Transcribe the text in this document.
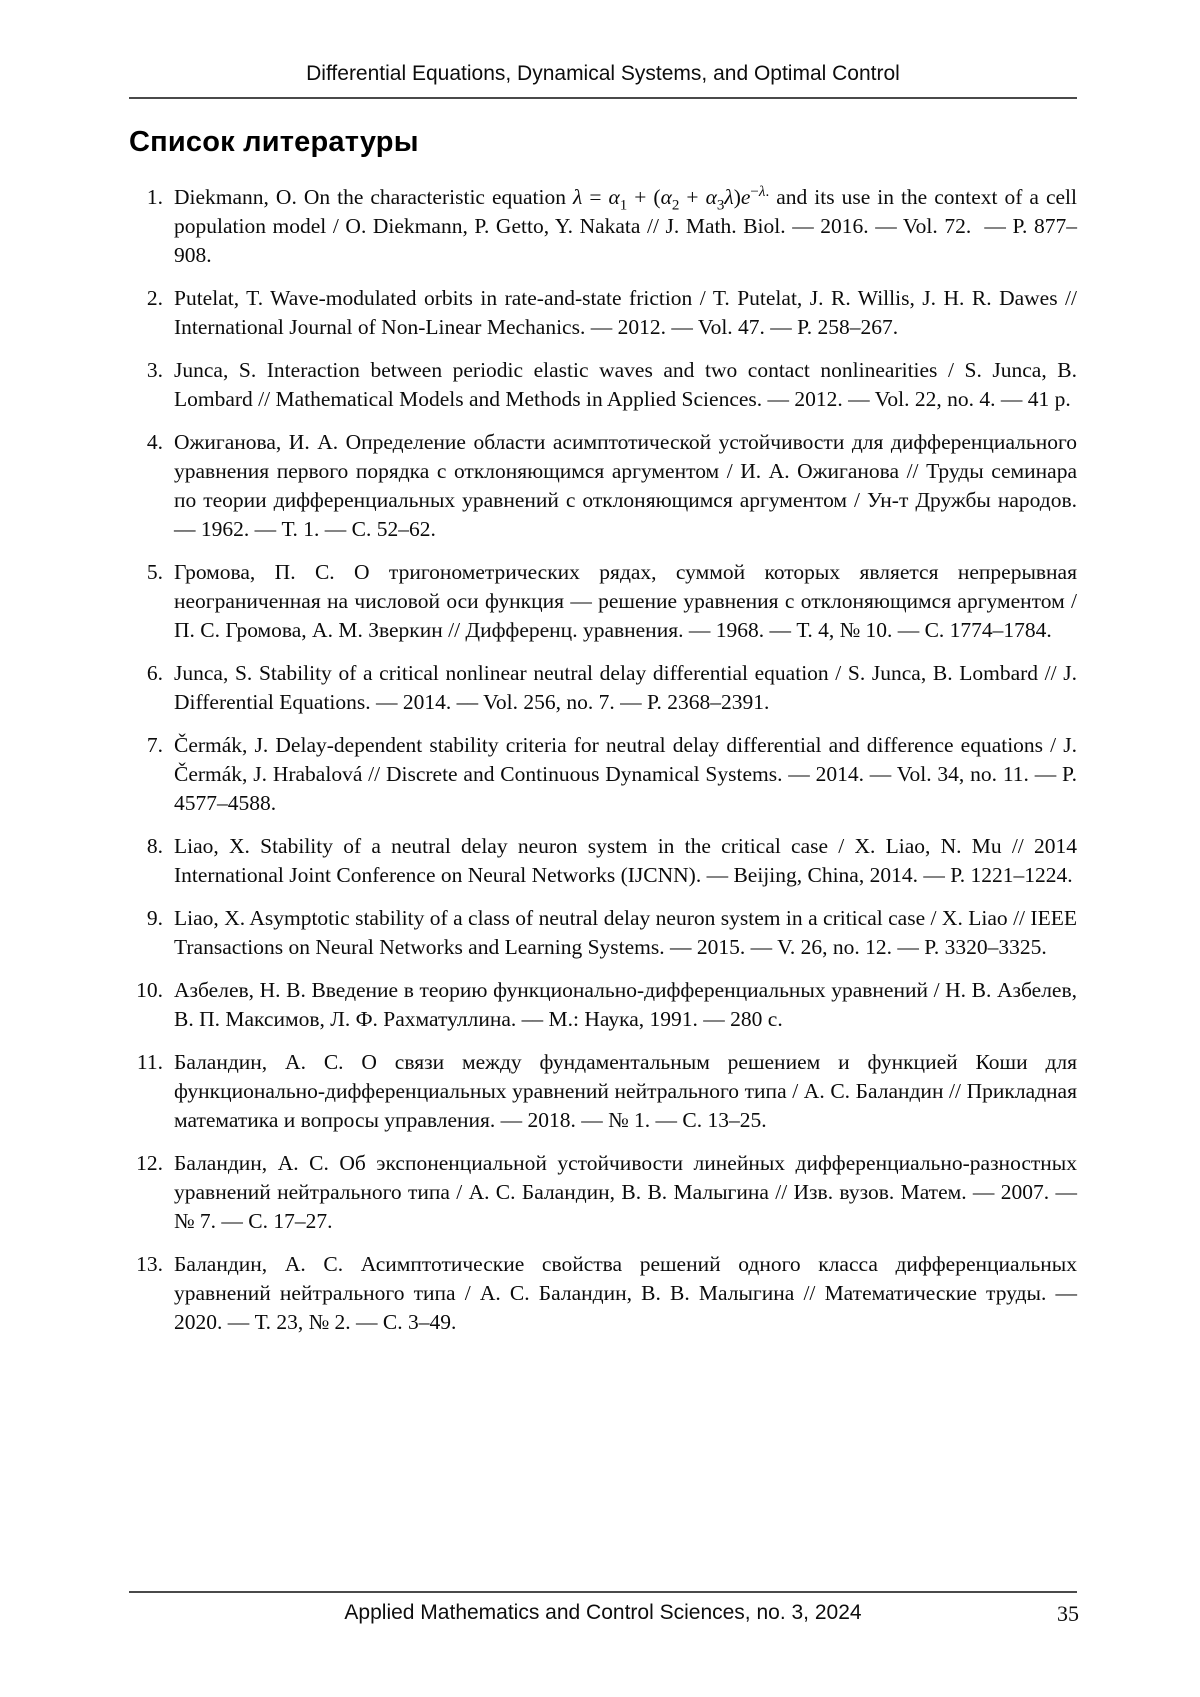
Differential Equations, Dynamical Systems, and Optimal Control
Список литературы
1. Diekmann, O. On the characteristic equation $\lambda = \alpha_1 + (\alpha_2 + \alpha_3\lambda)e^{-\lambda.}$ and its use in the context of a cell population model / O. Diekmann, P. Getto, Y. Nakata // J. Math. Biol. — 2016. — Vol. 72.  — P. 877–908.
2. Putelat, T. Wave-modulated orbits in rate-and-state friction / T. Putelat, J. R. Willis, J. H. R. Dawes // International Journal of Non-Linear Mechanics. — 2012. — Vol. 47. — P. 258–267.
3. Junca, S. Interaction between periodic elastic waves and two contact nonlinearities / S. Junca, B. Lombard // Mathematical Models and Methods in Applied Sciences. — 2012. — Vol. 22, no. 4. — 41 p.
4. Ожиганова, И. А. Определение области асимптотической устойчивости для дифференциального уравнения первого порядка с отклоняющимся аргументом / И. А. Ожиганова // Труды семинара по теории дифференциальных уравнений с отклоняющимся аргументом / Ун-т Дружбы народов. –– 1962. — Т. 1. — С. 52–62.
5. Громова, П. С. О тригонометрических рядах, суммой которых является непрерывная неограниченная на числовой оси функция — решение уравнения с отклоняющимся аргументом / П. С. Громова, А. М. Зверкин // Дифференц. уравнения. — 1968. –– Т. 4, № 10. — С. 1774–1784.
6. Junca, S. Stability of a critical nonlinear neutral delay differential equation / S. Junca, B. Lombard // J. Differential Equations. — 2014. –– Vol. 256, no. 7. — P. 2368–2391.
7. Čermák, J. Delay-dependent stability criteria for neutral delay differential and difference equations / J. Čermák, J. Hrabalová // Discrete and Continuous Dynamical Systems. — 2014. — Vol. 34, no. 11. — P. 4577–4588.
8. Liao, X. Stability of a neutral delay neuron system in the critical case / X. Liao, N. Mu // 2014 International Joint Conference on Neural Networks (IJCNN). — Beijing, China, 2014. — P. 1221–1224.
9. Liao, X. Asymptotic stability of a class of neutral delay neuron system in a critical case / X. Liao // IEEE Transactions on Neural Networks and Learning Systems. –– 2015. — V. 26, no. 12. — P. 3320–3325.
10. Азбелев, Н. В. Введение в теорию функционально-дифференциальных уравнений / Н. В. Азбелев, В. П. Максимов, Л. Ф. Рахматуллина. –– М.: Наука, 1991. — 280 с.
11. Баландин, А. С. О связи между фундаментальным решением и функцией Коши для функционально-дифференциальных уравнений нейтрального типа / А. С. Баландин // Прикладная математика и вопросы управления. — 2018. — № 1. — С. 13–25.
12. Баландин, А. С. Об экспоненциальной устойчивости линейных дифференциально-разностных уравнений нейтрального типа / А. С. Баландин, В. В. Малыгина // Изв. вузов. Матем. — 2007. — № 7. — С. 17–27.
13. Баландин, А. С. Асимптотические свойства решений одного класса дифференциальных уравнений нейтрального типа / А. С. Баландин, В. В. Малыгина // Математические труды. –– 2020. — Т. 23, № 2. — С. 3–49.
Applied Mathematics and Control Sciences, no. 3, 2024	35
